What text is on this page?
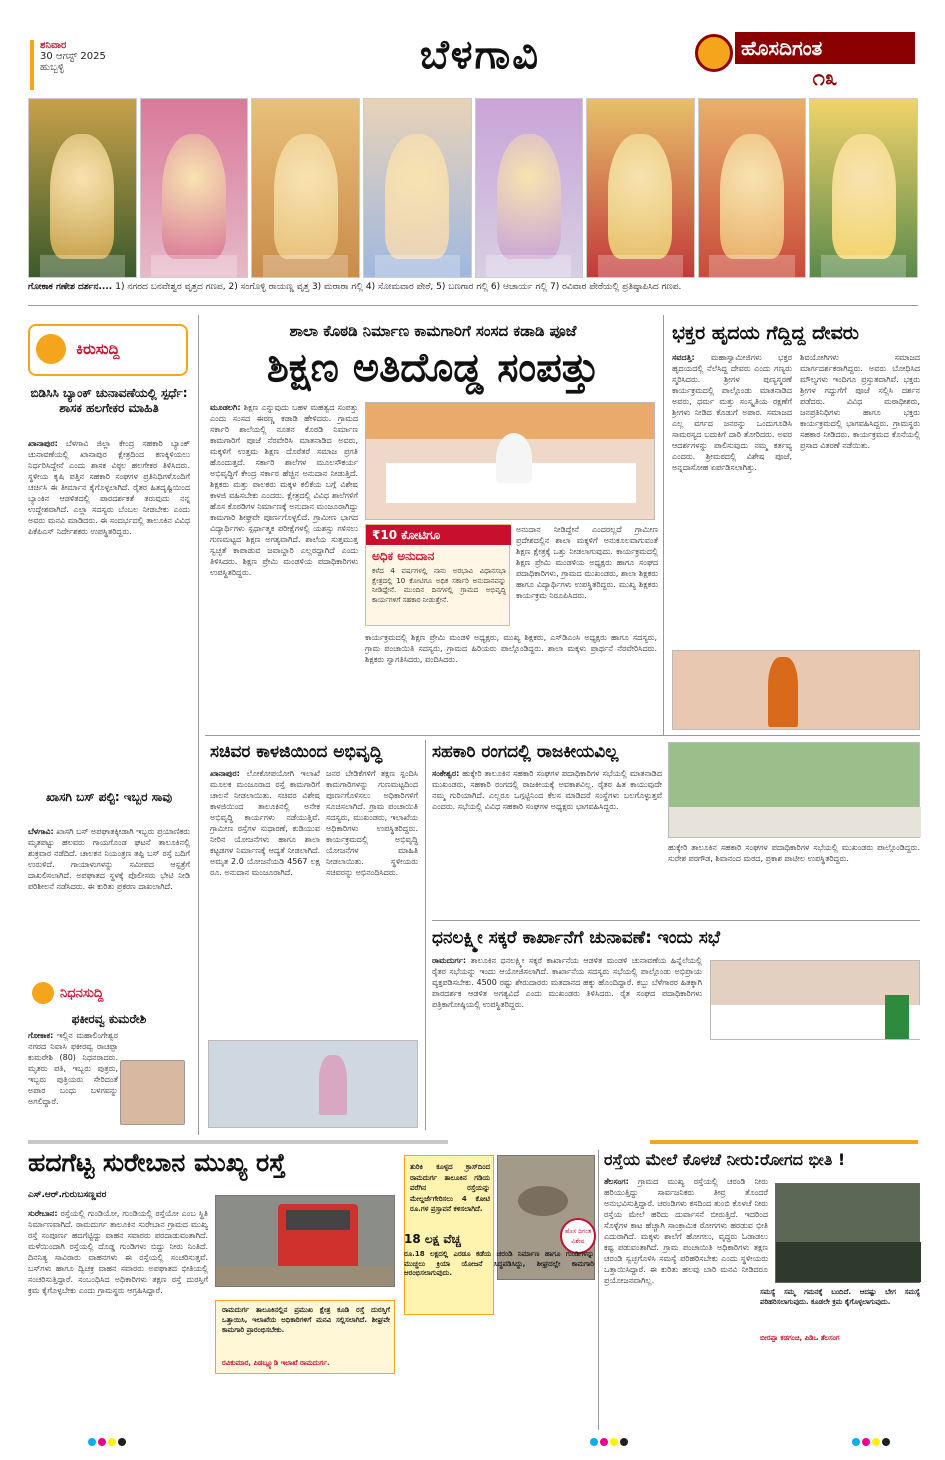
ಶನಿವಾರ
30 ಆಗಸ್ಟ್ 2025
ಹುಬ್ಬಳ್ಳಿ	ಬೆಳಗಾವಿ	ಹೊಸದಿಗಂತ
೧೩
ಗೋಕಾಕ ಗಣೇಶ ದರ್ಶನ.... 1) ನಗರದ ಬನವೇಶ್ವರ ವೃತ್ತದ ಗಣಪ, 2) ಸಂಗೊಳ್ಳಿ ರಾಯಣ್ಣ ವೃತ್ತ 3) ಮರಾಠಾ ಗಲ್ಲಿ 4) ಸೋಮವಾರ ಪೇಠೆ, 5) ಬಣಗಾರ ಗಲ್ಲಿ 6) ಆಚಾರ್ಯ ಗಲ್ಲಿ 7) ರವಿವಾರ ಪೇಠೆಯಲ್ಲಿ ಪ್ರತಿಷ್ಠಾಪಿಸಿದ ಗಣಪ.
ಕಿರುಸುದ್ದಿ
ಬಿಡಿಸಿಸಿ ಬ್ಯಾಂಕ್ ಚುನಾವಣೆಯಲ್ಲಿ ಸ್ಪರ್ಧೆ: ಶಾಸಕ ಹಲಗೇಕರ ಮಾಹಿತಿ
ಖಾನಾಪುರ: ಬೆಳಗಾವಿ ಜಿಲ್ಲಾ ಕೇಂದ್ರ ಸಹಕಾರಿ ಬ್ಯಾಂಕ್ ಚುನಾವಣೆಯಲ್ಲಿ ಖಾನಾಪುರ ಕ್ಷೇತ್ರದಿಂದ ಕಣಕ್ಕಿಳಿಯಲು ನಿರ್ಧರಿಸಿದ್ದೇನೆ ಎಂದು ಶಾಸಕ ವಿಠ್ಠಲ ಹಲಗೇಕರ ತಿಳಿಸಿದರು. ಸ್ಥಳೀಯ ಕೃಷಿ ಪತ್ತಿನ ಸಹಕಾರಿ ಸಂಘಗಳ ಪ್ರತಿನಿಧಿಗಳೊಂದಿಗೆ ಚರ್ಚಿಸಿ ಈ ತೀರ್ಮಾನ ಕೈಗೊಳ್ಳಲಾಗಿದೆ. ರೈತರ ಹಿತದೃಷ್ಟಿಯಿಂದ ಬ್ಯಾಂಕಿನ ಆಡಳಿತದಲ್ಲಿ ಪಾರದರ್ಶಕತೆ ತರುವುದು ನನ್ನ ಉದ್ದೇಶವಾಗಿದೆ. ಎಲ್ಲಾ ಸದಸ್ಯರು ಬೆಂಬಲ ನೀಡಬೇಕು ಎಂದು ಅವರು ಮನವಿ ಮಾಡಿದರು. ಈ ಸಂದರ್ಭದಲ್ಲಿ ತಾಲೂಕಿನ ವಿವಿಧ ಪಿಕೆಪಿಎಸ್ ನಿರ್ದೇಶಕರು ಉಪಸ್ಥಿತರಿದ್ದರು.
ಖಾಸಗಿ ಬಸ್ ಪಲ್ಟಿ: ಇಬ್ಬರ ಸಾವು
ಬೆಳಗಾವಿ: ಖಾಸಗಿ ಬಸ್ ಅಪಘಾತಕ್ಕೀಡಾಗಿ ಇಬ್ಬರು ಪ್ರಯಾಣಿಕರು ಮೃತಪಟ್ಟು ಹಲವರು ಗಾಯಗೊಂಡ ಘಟನೆ ತಾಲೂಕಿನಲ್ಲಿ ಶುಕ್ರವಾರ ನಡೆದಿದೆ. ಚಾಲಕನ ನಿಯಂತ್ರಣ ತಪ್ಪಿ ಬಸ್ ರಸ್ತೆ ಬದಿಗೆ ಉರುಳಿದೆ. ಗಾಯಾಳುಗಳನ್ನು ಸಮೀಪದ ಆಸ್ಪತ್ರೆಗೆ ದಾಖಲಿಸಲಾಗಿದೆ. ಅಪಘಾತದ ಸ್ಥಳಕ್ಕೆ ಪೊಲೀಸರು ಭೇಟಿ ನೀಡಿ ಪರಿಶೀಲನೆ ನಡೆಸಿದರು. ಈ ಕುರಿತು ಪ್ರಕರಣ ದಾಖಲಾಗಿದೆ.
ನಿಧನಸುದ್ದಿ
ಫಕೀರವ್ವ ಕುಮರೇಶಿ
ಗೋಕಾಕ: ಇಲ್ಲಿನ ಮಹಾಲಿಂಗೇಶ್ವರ ನಗರದ ನಿವಾಸಿ ಫಕೀರವ್ವ ರಾಚಪ್ಪಾ ಕುಮರೇಶಿ (80) ನಿಧನರಾದರು. ಮೃತರು ಪತಿ, ಇಬ್ಬರು ಪುತ್ರರು, ಇಬ್ಬರು ಪುತ್ರಿಯರು ಸೇರಿದಂತೆ ಅಪಾರ ಬಂಧು ಬಳಗವನ್ನು ಅಗಲಿದ್ದಾರೆ.
ಶಾಲಾ ಕೊಠಡಿ ನಿರ್ಮಾಣ ಕಾಮಗಾರಿಗೆ ಸಂಸದ ಕಡಾಡಿ ಪೂಜೆ
ಶಿಕ್ಷಣ ಅತಿದೊಡ್ಡ ಸಂಪತ್ತು
ಮೂಡಲಗಿ: ಶಿಕ್ಷಣ ಎನ್ನುವುದು ಬಹಳ ಮಹತ್ವದ ಸಂಪತ್ತು ಎಂದು ಸಂಸದ ಈರಣ್ಣ ಕಡಾಡಿ ಹೇಳಿದರು. ಗ್ರಾಮದ ಸರ್ಕಾರಿ ಶಾಲೆಯಲ್ಲಿ ನೂತನ ಕೊಠಡಿ ನಿರ್ಮಾಣ ಕಾಮಗಾರಿಗೆ ಪೂಜೆ ನೆರವೇರಿಸಿ ಮಾತನಾಡಿದ ಅವರು, ಮಕ್ಕಳಿಗೆ ಉತ್ತಮ ಶಿಕ್ಷಣ ದೊರೆತರೆ ಸಮಾಜ ಪ್ರಗತಿ ಹೊಂದುತ್ತದೆ. ಸರ್ಕಾರಿ ಶಾಲೆಗಳ ಮೂಲಸೌಕರ್ಯ ಅಭಿವೃದ್ಧಿಗೆ ಕೇಂದ್ರ ಸರ್ಕಾರ ಹೆಚ್ಚಿನ ಅನುದಾನ ನೀಡುತ್ತಿದೆ. ಶಿಕ್ಷಕರು ಮತ್ತು ಪಾಲಕರು ಮಕ್ಕಳ ಕಲಿಕೆಯ ಬಗ್ಗೆ ವಿಶೇಷ ಕಾಳಜಿ ವಹಿಸಬೇಕು ಎಂದರು. ಕ್ಷೇತ್ರದಲ್ಲಿ ವಿವಿಧ ಶಾಲೆಗಳಿಗೆ ಹೊಸ ಕೊಠಡಿಗಳ ನಿರ್ಮಾಣಕ್ಕೆ ಅನುದಾನ ಮಂಜೂರಾಗಿದ್ದು ಕಾಮಗಾರಿ ಶೀಘ್ರವೇ ಪೂರ್ಣಗೊಳ್ಳಲಿದೆ. ಗ್ರಾಮೀಣ ಭಾಗದ ವಿದ್ಯಾರ್ಥಿಗಳು ಸ್ಪರ್ಧಾತ್ಮಕ ಪರೀಕ್ಷೆಗಳಲ್ಲಿ ಯಶಸ್ಸು ಗಳಿಸಲು ಗುಣಮಟ್ಟದ ಶಿಕ್ಷಣ ಅಗತ್ಯವಾಗಿದೆ. ಶಾಲೆಯ ಸುತ್ತಮುತ್ತ ಸ್ವಚ್ಛತೆ ಕಾಪಾಡುವ ಜವಾಬ್ದಾರಿ ಎಲ್ಲರದ್ದಾಗಿದೆ ಎಂದು ತಿಳಿಸಿದರು. ಶಿಕ್ಷಣ ಪ್ರೇಮಿ ಮಂಡಳಿಯ ಪದಾಧಿಕಾರಿಗಳು ಉಪಸ್ಥಿತರಿದ್ದರು.
₹10 ಕೋಟಿಗೂ
ಅಧಿಕ ಅನುದಾನ
ಕಳೆದ 4 ವರ್ಷಗಳಲ್ಲಿ ನಾನು ಅರಭಾವಿ ವಿಧಾನಸಭಾ ಕ್ಷೇತ್ರದಲ್ಲಿ 10 ಕೋಟಿಗೂ ಅಧಿಕ ಸರ್ಕಾರಿ ಅನುದಾನವನ್ನು ನೀಡಿದ್ದೇನೆ. ಮುಂದಿನ ದಿನಗಳಲ್ಲಿ ಗ್ರಾಮದ ಅಭಿವೃದ್ಧಿ ಕಾರ್ಯಗಳಿಗೆ ಸಹಕಾರ ನೀಡುತ್ತೇನೆ.
ಅನುದಾನ ನೀಡಿದ್ದೇನೆ ಎಂದರಲ್ಲದೆ ಗ್ರಾಮೀಣ ಪ್ರದೇಶದಲ್ಲಿನ ಶಾಲಾ ಮಕ್ಕಳಿಗೆ ಅನುಕೂಲವಾಗುವಂತೆ ಶಿಕ್ಷಣ ಕ್ಷೇತ್ರಕ್ಕೆ ಒತ್ತು ನೀಡಲಾಗುವುದು. ಕಾರ್ಯಕ್ರಮದಲ್ಲಿ ಶಿಕ್ಷಣ ಪ್ರೇಮಿ ಮಂಡಳಿಯ ಅಧ್ಯಕ್ಷರು ಹಾಗೂ ಸಂಘದ ಪದಾಧಿಕಾರಿಗಳು, ಗ್ರಾಮದ ಮುಖಂಡರು, ಶಾಲಾ ಶಿಕ್ಷಕರು ಹಾಗೂ ವಿದ್ಯಾರ್ಥಿಗಳು ಉಪಸ್ಥಿತರಿದ್ದರು. ಮುಖ್ಯ ಶಿಕ್ಷಕರು ಕಾರ್ಯಕ್ರಮ ನಿರೂಪಿಸಿದರು.
ಕಾರ್ಯಕ್ರಮದಲ್ಲಿ ಶಿಕ್ಷಣ ಪ್ರೇಮಿ ಮಂಡಳಿ ಅಧ್ಯಕ್ಷರು, ಮುಖ್ಯ ಶಿಕ್ಷಕರು, ಎಸ್‌ಡಿಎಂಸಿ ಅಧ್ಯಕ್ಷರು ಹಾಗೂ ಸದಸ್ಯರು, ಗ್ರಾಮ ಪಂಚಾಯಿತಿ ಸದಸ್ಯರು, ಗ್ರಾಮದ ಹಿರಿಯರು ಪಾಲ್ಗೊಂಡಿದ್ದರು. ಶಾಲಾ ಮಕ್ಕಳು ಪ್ರಾರ್ಥನೆ ನೆರವೇರಿಸಿದರು. ಶಿಕ್ಷಕರು ಸ್ವಾಗತಿಸಿದರು, ವಂದಿಸಿದರು.
ಭಕ್ತರ ಹೃದಯ ಗೆದ್ದಿದ್ದ ದೇವರು
ಸವದತ್ತಿ: ಮಹಾಸ್ವಾಮೀಜಿಗಳು ಭಕ್ತರ ಹೃದಯದಲ್ಲಿ ನೆಲೆಸಿದ್ದ ದೇವರು ಎಂದು ಗಣ್ಯರು ಸ್ಮರಿಸಿದರು. ಶ್ರೀಗಳ ಪುಣ್ಯಸ್ಮರಣೆ ಕಾರ್ಯಕ್ರಮದಲ್ಲಿ ಪಾಲ್ಗೊಂಡು ಮಾತನಾಡಿದ ಅವರು, ಧರ್ಮ ಮತ್ತು ಸಂಸ್ಕೃತಿಯ ರಕ್ಷಣೆಗೆ ಶ್ರೀಗಳು ನೀಡಿದ ಕೊಡುಗೆ ಅಪಾರ. ಸಮಾಜದ ಎಲ್ಲ ವರ್ಗದ ಜನರನ್ನು ಒಂದುಗೂಡಿಸಿ ಸಾಮರಸ್ಯದ ಬದುಕಿಗೆ ದಾರಿ ತೋರಿದರು. ಅವರ ಆದರ್ಶಗಳನ್ನು ಪಾಲಿಸುವುದು ನಮ್ಮ ಕರ್ತವ್ಯ ಎಂದರು. ಶ್ರೀಮಠದಲ್ಲಿ ವಿಶೇಷ ಪೂಜೆ, ಅನ್ನದಾಸೋಹ ಏರ್ಪಡಿಸಲಾಗಿತ್ತು.
ಶಿವಯೋಗಿಗಳು ಸಮಾಜದ ಮಾರ್ಗದರ್ಶಕರಾಗಿದ್ದರು. ಅವರು ಬೋಧಿಸಿದ ಮೌಲ್ಯಗಳು ಇಂದಿಗೂ ಪ್ರಸ್ತುತವಾಗಿವೆ. ಭಕ್ತರು ಶ್ರೀಗಳ ಗದ್ದುಗೆಗೆ ಪೂಜೆ ಸಲ್ಲಿಸಿ ದರ್ಶನ ಪಡೆದರು. ವಿವಿಧ ಮಠಾಧೀಶರು, ಜನಪ್ರತಿನಿಧಿಗಳು ಹಾಗೂ ಭಕ್ತರು ಕಾರ್ಯಕ್ರಮದಲ್ಲಿ ಭಾಗವಹಿಸಿದ್ದರು. ಗ್ರಾಮಸ್ಥರು ಸಹಕಾರ ನೀಡಿದರು. ಕಾರ್ಯಕ್ರಮದ ಕೊನೆಯಲ್ಲಿ ಪ್ರಸಾದ ವಿತರಣೆ ನಡೆಯಿತು.
ಸಚಿವರ ಕಾಳಜಿಯಿಂದ ಅಭಿವೃದ್ಧಿ
ಖಾನಾಪುರ: ಲೋಕೋಪಯೋಗಿ ಇಲಾಖೆ ಮೂಲಕ ಮಂಜೂರಾದ ರಸ್ತೆ ಕಾಮಗಾರಿಗೆ ಚಾಲನೆ ನೀಡಲಾಯಿತು. ಸಚಿವರ ವಿಶೇಷ ಕಾಳಜಿಯಿಂದ ತಾಲೂಕಿನಲ್ಲಿ ಅನೇಕ ಅಭಿವೃದ್ಧಿ ಕಾರ್ಯಗಳು ನಡೆಯುತ್ತಿವೆ. ಗ್ರಾಮೀಣ ರಸ್ತೆಗಳ ಸುಧಾರಣೆ, ಕುಡಿಯುವ ನೀರಿನ ಯೋಜನೆಗಳು ಹಾಗೂ ಶಾಲಾ ಕಟ್ಟಡಗಳ ನಿರ್ಮಾಣಕ್ಕೆ ಆದ್ಯತೆ ನೀಡಲಾಗಿದೆ. ಅಮೃತ 2.0 ಯೋಜನೆಯಡಿ 4567 ಲಕ್ಷ ರೂ. ಅನುದಾನ ಮಂಜೂರಾಗಿದೆ.
ಜನರ ಬೇಡಿಕೆಗಳಿಗೆ ತಕ್ಷಣ ಸ್ಪಂದಿಸಿ ಕಾಮಗಾರಿಗಳನ್ನು ಗುಣಮಟ್ಟದಿಂದ ಪೂರ್ಣಗೊಳಿಸಲು ಅಧಿಕಾರಿಗಳಿಗೆ ಸೂಚಿಸಲಾಗಿದೆ. ಗ್ರಾಮ ಪಂಚಾಯಿತಿ ಸದಸ್ಯರು, ಮುಖಂಡರು, ಇಲಾಖೆಯ ಅಧಿಕಾರಿಗಳು ಉಪಸ್ಥಿತರಿದ್ದರು. ಕಾರ್ಯಕ್ರಮದಲ್ಲಿ ಅಭಿವೃದ್ಧಿ ಯೋಜನೆಗಳ ಮಾಹಿತಿ ನೀಡಲಾಯಿತು. ಸ್ಥಳೀಯರು ಸಚಿವರನ್ನು ಅಭಿನಂದಿಸಿದರು.
ಸಹಕಾರಿ ರಂಗದಲ್ಲಿ ರಾಜಕೀಯವಿಲ್ಲ
ಸಂಕೇಶ್ವರ: ಹುಕ್ಕೇರಿ ತಾಲೂಕಿನ ಸಹಕಾರಿ ಸಂಘಗಳ ಪದಾಧಿಕಾರಿಗಳ ಸಭೆಯಲ್ಲಿ ಮಾತನಾಡಿದ ಮುಖಂಡರು, ಸಹಕಾರಿ ರಂಗದಲ್ಲಿ ರಾಜಕೀಯಕ್ಕೆ ಅವಕಾಶವಿಲ್ಲ. ರೈತರ ಹಿತ ಕಾಯುವುದೇ ನಮ್ಮ ಗುರಿಯಾಗಿದೆ. ಎಲ್ಲರೂ ಒಗ್ಗಟ್ಟಿನಿಂದ ಕೆಲಸ ಮಾಡಿದರೆ ಸಂಸ್ಥೆಗಳು ಬಲಗೊಳ್ಳುತ್ತವೆ ಎಂದರು. ಸಭೆಯಲ್ಲಿ ವಿವಿಧ ಸಹಕಾರಿ ಸಂಘಗಳ ಅಧ್ಯಕ್ಷರು ಭಾಗವಹಿಸಿದ್ದರು.
ಹುಕ್ಕೇರಿ ತಾಲೂಕಿನ ಸಹಕಾರಿ ಸಂಘಗಳ ಪದಾಧಿಕಾರಿಗಳ ಸಭೆಯಲ್ಲಿ ಮುಖಂಡರು ಪಾಲ್ಗೊಂಡಿದ್ದರು. ಸುರೇಶ ಪರಗೌಡ, ಶಿವಾನಂದ ಮಠದ, ಪ್ರಕಾಶ ಪಾಟೀಲ ಉಪಸ್ಥಿತರಿದ್ದರು.
ಧನಲಕ್ಷ್ಮೀ ಸಕ್ಕರೆ ಕಾರ್ಖಾನೆಗೆ ಚುನಾವಣೆ: ಇಂದು ಸಭೆ
ರಾಮದುರ್ಗ: ತಾಲೂಕಿನ ಧನಲಕ್ಷ್ಮೀ ಸಕ್ಕರೆ ಕಾರ್ಖಾನೆಯ ಆಡಳಿತ ಮಂಡಳಿ ಚುನಾವಣೆಯ ಹಿನ್ನೆಲೆಯಲ್ಲಿ ರೈತರ ಸಭೆಯನ್ನು ಇಂದು ಆಯೋಜಿಸಲಾಗಿದೆ. ಕಾರ್ಖಾನೆಯ ಸದಸ್ಯರು ಸಭೆಯಲ್ಲಿ ಪಾಲ್ಗೊಂಡು ಅಭಿಪ್ರಾಯ ವ್ಯಕ್ತಪಡಿಸಬೇಕು. 4500 ರಷ್ಟು ಶೇರುದಾರರು ಮತದಾನದ ಹಕ್ಕು ಹೊಂದಿದ್ದಾರೆ. ಕಬ್ಬು ಬೆಳೆಗಾರರ ಹಿತಕ್ಕಾಗಿ ಪಾರದರ್ಶಕ ಆಡಳಿತ ಅಗತ್ಯವಿದೆ ಎಂದು ಮುಖಂಡರು ತಿಳಿಸಿದರು. ರೈತ ಸಂಘದ ಪದಾಧಿಕಾರಿಗಳು ಪತ್ರಿಕಾಗೋಷ್ಠಿಯಲ್ಲಿ ಉಪಸ್ಥಿತರಿದ್ದರು.
ಹದಗೆಟ್ಟ ಸುರೇಬಾನ ಮುಖ್ಯ ರಸ್ತೆ
ಎಸ್.ಆರ್.ಗುರುಬಸಣ್ಣವರ
ಸುರೇಬಾನ: ರಸ್ತೆಯಲ್ಲಿ ಗುಂಡಿಯೋ, ಗುಂಡಿಯಲ್ಲಿ ರಸ್ತೆಯೋ ಎಂಬ ಸ್ಥಿತಿ ನಿರ್ಮಾಣವಾಗಿದೆ. ರಾಮದುರ್ಗ ತಾಲೂಕಿನ ಸುರೇಬಾನ ಗ್ರಾಮದ ಮುಖ್ಯ ರಸ್ತೆ ಸಂಪೂರ್ಣ ಹದಗೆಟ್ಟಿದ್ದು ವಾಹನ ಸವಾರರು ಪರದಾಡುವಂತಾಗಿದೆ. ಮಳೆಯಿಂದಾಗಿ ರಸ್ತೆಯಲ್ಲಿ ದೊಡ್ಡ ಗುಂಡಿಗಳು ಬಿದ್ದು ನೀರು ನಿಂತಿದೆ. ದಿನನಿತ್ಯ ಸಾವಿರಾರು ವಾಹನಗಳು ಈ ರಸ್ತೆಯಲ್ಲಿ ಸಂಚರಿಸುತ್ತವೆ. ಬಸ್‌ಗಳು ಹಾಗೂ ದ್ವಿಚಕ್ರ ವಾಹನ ಸವಾರರು ಅಪಘಾತದ ಭೀತಿಯಲ್ಲಿ ಸಂಚರಿಸುತ್ತಿದ್ದಾರೆ. ಸಂಬಂಧಿಸಿದ ಅಧಿಕಾರಿಗಳು ತಕ್ಷಣ ರಸ್ತೆ ದುರಸ್ತಿಗೆ ಕ್ರಮ ಕೈಗೊಳ್ಳಬೇಕು ಎಂದು ಗ್ರಾಮಸ್ಥರು ಆಗ್ರಹಿಸಿದ್ದಾರೆ.
ರಾಮದುರ್ಗ ತಾಲೂಕಿನಲ್ಲಿನ ಪ್ರಮುಖ ಕ್ಷೇತ್ರ ಕೂಡಿ ರಸ್ತೆ ದುರಸ್ತಿಗೆ ಒತ್ತಾಯಿಸಿ, ಇಲಾಖೆಯ ಅಧಿಕಾರಿಗಳಿಗೆ ಮನವಿ ಸಲ್ಲಿಸಲಾಗಿದೆ. ಶೀಘ್ರವೇ ಕಾಮಗಾರಿ ಪ್ರಾರಂಭಿಸಬೇಕು.
ರವಿಕುಮಾರ, ಪಿಡಬ್ಲ್ಯೂಡಿ ಇಲಾಖೆ ರಾಮದುರ್ಗ.
ತುರಿಕಿ ಕೂಳ್ಳದ ಕ್ರಾಸ್‌ದಿಂದ ರಾಮದುರ್ಗ ತಾಲೂಕಿನ ಗಡಿಯ ವರೆಗಿನ ರಸ್ತೆಯನ್ನು ಮೇಲ್ದರ್ಜೆಗೇರಿಸಲು 4 ಕೋಟಿ ರೂ.ಗಳ ಪ್ರಸ್ತಾವನೆ ಕಳಿಸಲಾಗಿದೆ.
ಹೊಸ ದಿಗಂತ ವಿಶೇಷ
18 ಲಕ್ಷ ವೆಚ್ಚ
ರೂ.18 ಲಕ್ಷದಲ್ಲಿ ಎರಡೂ ಕಡೆಯ ಚರಂಡಿ ನಿರ್ಮಾಣ ಹಾಗೂ ಗುಂಡಿಗಳನ್ನು ಮುಚ್ಚಲು ಕ್ರಿಯಾ ಯೋಜನೆ ಸಿದ್ಧಪಡಿಸಿದ್ದು, ಶೀಘ್ರದಲ್ಲೇ ಕಾಮಗಾರಿ ಆರಂಭಿಸಲಾಗುವುದು.
ರಸ್ತೆಯ ಮೇಲೆ ಕೊಳಚೆ ನೀರು:ರೋಗದ ಭೀತಿ !
ತೆಲಸಂಗ: ಗ್ರಾಮದ ಮುಖ್ಯ ರಸ್ತೆಯಲ್ಲಿ ಚರಂಡಿ ನೀರು ಹರಿಯುತ್ತಿದ್ದು ಸಾರ್ವಜನಿಕರು ತೀವ್ರ ತೊಂದರೆ ಅನುಭವಿಸುತ್ತಿದ್ದಾರೆ. ಚರಂಡಿಗಳು ಕಸದಿಂದ ತುಂಬಿ ಕೊಳಚೆ ನೀರು ರಸ್ತೆಯ ಮೇಲೆ ಹರಿದು ದುರ್ವಾಸನೆ ಬೀರುತ್ತಿದೆ. ಇದರಿಂದ ಸೊಳ್ಳೆಗಳ ಕಾಟ ಹೆಚ್ಚಾಗಿ ಸಾಂಕ್ರಾಮಿಕ ರೋಗಗಳು ಹರಡುವ ಭೀತಿ ಎದುರಾಗಿದೆ. ಮಕ್ಕಳು ಶಾಲೆಗೆ ಹೋಗಲು, ವೃದ್ಧರು ಓಡಾಡಲು ಕಷ್ಟ ಪಡುವಂತಾಗಿದೆ. ಗ್ರಾಮ ಪಂಚಾಯಿತಿ ಅಧಿಕಾರಿಗಳು ತಕ್ಷಣ ಚರಂಡಿ ಸ್ವಚ್ಛಗೊಳಿಸಿ ಸಮಸ್ಯೆ ಪರಿಹರಿಸಬೇಕು ಎಂದು ಸ್ಥಳೀಯರು ಒತ್ತಾಯಿಸಿದ್ದಾರೆ. ಈ ಕುರಿತು ಹಲವು ಬಾರಿ ಮನವಿ ನೀಡಿದರೂ ಪ್ರಯೋಜನವಾಗಿಲ್ಲ.
ಸಮಸ್ಯೆ ಸಮ್ಮ ಗಮನಕ್ಕೆ ಬಂದಿದೆ. ಆದಷ್ಟು ಬೇಗ ಸಮಸ್ಯೆ ಪರಿಹರಿಸಲಾಗುವುದು. ಕೂಡಲೇ ಕ್ರಮ ಕೈಗೊಳ್ಳಲಾಗುವುದು.
ಬೀರಪ್ಪಾ ಕಡಗಂಚಿ, ಪಿಡಿಒ ತೆಲಸಂಗ
